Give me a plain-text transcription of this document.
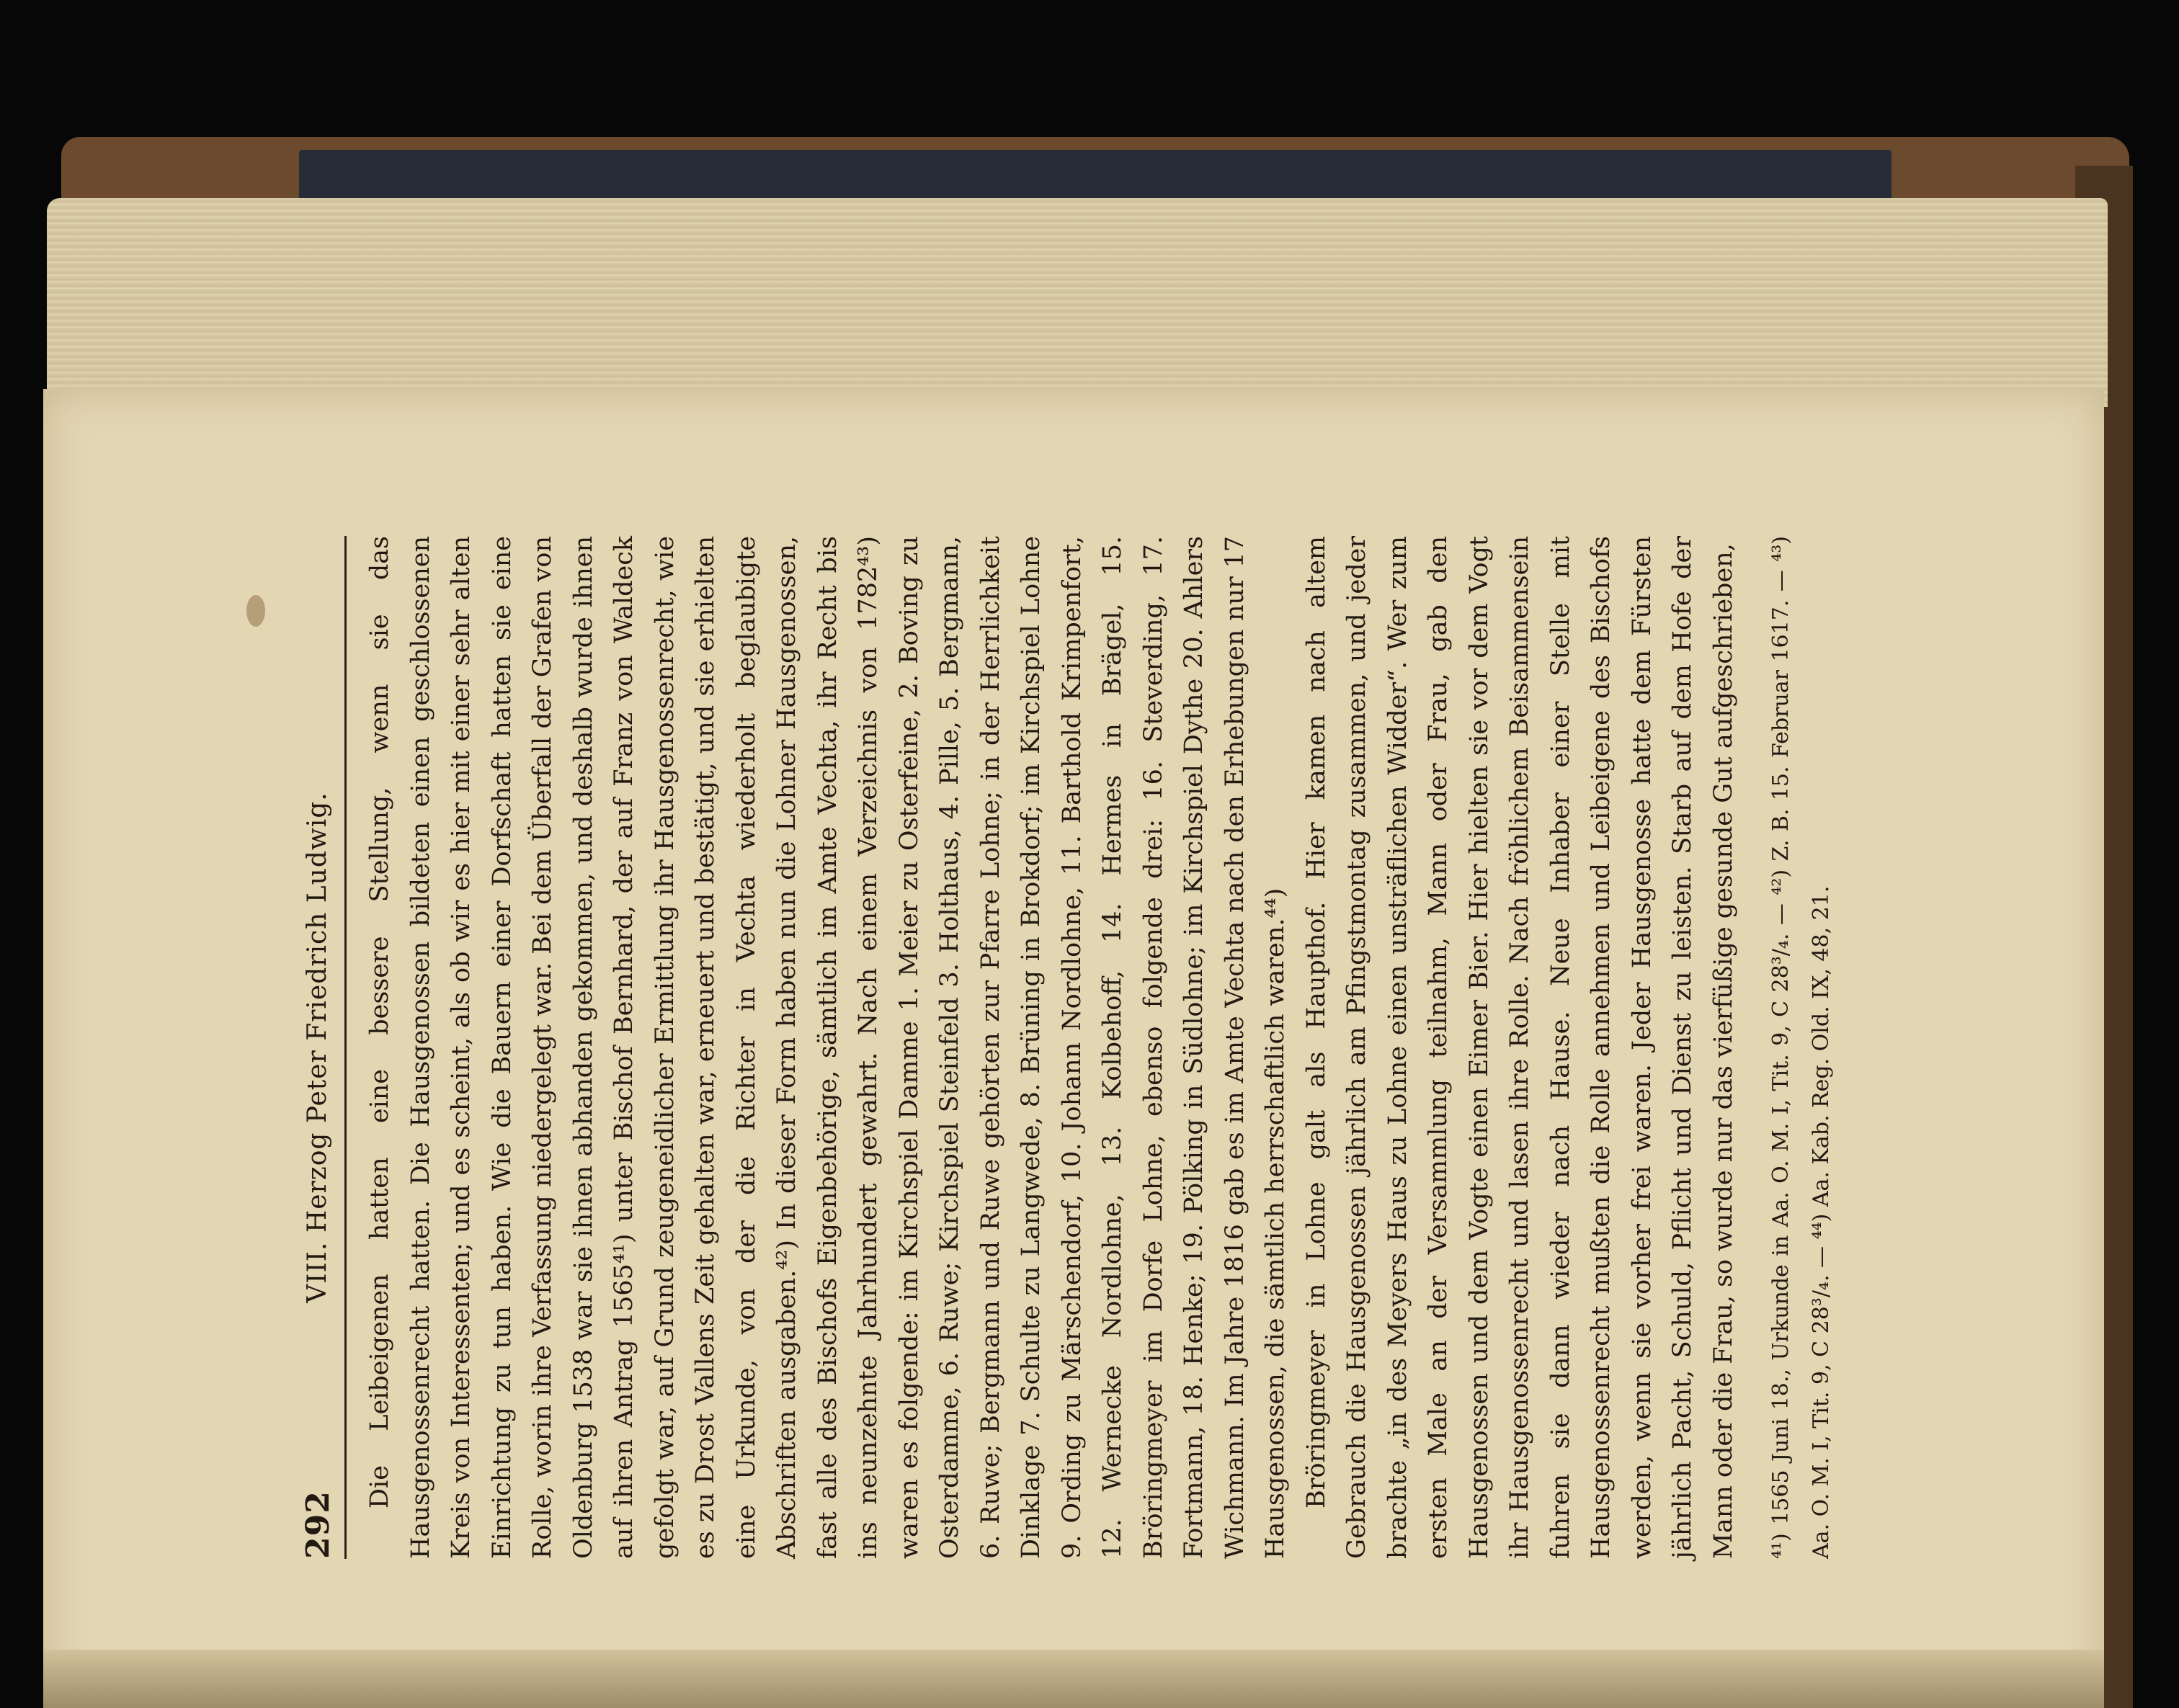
292
VIII. Herzog Peter Friedrich Ludwig. Die Leibeigenen hatten eine bessere Stellung, wenn sie das Hausgenossenrecht hatten. Die Hausgenossen bildeten einen geschlossenen Kreis von Interessenten; und es scheint, als ob wir es hier mit einer sehr alten Einrichtung zu tun haben. Wie die Bauern einer Dorfschaft hatten sie eine Rolle, worin ihre Verfassung niedergelegt war. Bei dem Überfall der Grafen von Oldenburg 1538 war sie ihnen abhanden gekommen, und deshalb wurde ihnen auf ihren Antrag 1565⁴¹) unter Bischof Bernhard, der auf Franz von Waldeck gefolgt war, auf Grund zeugeneidlicher Ermittlung ihr Hausgenossenrecht, wie es zu Drost Vallens Zeit gehalten war, erneuert und bestätigt, und sie erhielten eine Urkunde, von der die Richter in Vechta wiederholt beglaubigte Abschriften ausgaben.⁴²) In dieser Form haben nun die Lohner Hausgenossen, fast alle des Bischofs Eigenbehörige, sämtlich im Amte Vechta, ihr Recht bis ins neunzehnte Jahrhundert gewahrt. Nach einem Verzeichnis von 1782⁴³) waren es folgende: im Kirchspiel Damme 1. Meier zu Osterfeine, 2. Boving zu Osterdamme, 6. Ruwe; Kirchspiel Steinfeld 3. Holthaus, 4. Pille, 5. Bergmann, 6. Ruwe; Bergmann und Ruwe gehörten zur Pfarre Lohne; in der Herrlichkeit Dinklage 7. Schulte zu Langwede, 8. Brüning in Brokdorf; im Kirchspiel Lohne 9. Ording zu Märschendorf, 10. Johann Nordlohne, 11. Barthold Krimpenfort, 12. Wernecke Nordlohne, 13. Kolbehoff, 14. Hermes in Brägel, 15. Bröringmeyer im Dorfe Lohne, ebenso folgende drei: 16. Steverding, 17. Fortmann, 18. Henke; 19. Pölking in Südlohne; im Kirchspiel Dythe 20. Ahlers Wichmann. Im Jahre 1816 gab es im Amte Vechta nach den Erhebungen nur 17 Hausgenossen, die sämtlich herrschaftlich waren.⁴⁴) Bröringmeyer in Lohne galt als Haupthof. Hier kamen nach altem Gebrauch die Hausgenossen jährlich am Pfingstmontag zusammen, und jeder brachte „in des Meyers Haus zu Lohne einen unsträflichen Widder“. Wer zum ersten Male an der Versammlung teilnahm, Mann oder Frau, gab den Hausgenossen und dem Vogte einen Eimer Bier. Hier hielten sie vor dem Vogt ihr Hausgenossenrecht und lasen ihre Rolle. Nach fröhlichem Beisammensein fuhren sie dann wieder nach Hause. Neue Inhaber einer Stelle mit Hausgenossenrecht mußten die Rolle annehmen und Leibeigene des Bischofs werden, wenn sie vorher frei waren. Jeder Hausgenosse hatte dem Fürsten jährlich Pacht, Schuld, Pflicht und Dienst zu leisten. Starb auf dem Hofe der Mann oder die Frau, so wurde nur das vierfüßige gesunde Gut aufgeschrieben,	⁴¹) 1565 Juni 18., Urkunde in Aa. O. M. I, Tit. 9, C 28³/₄. — ⁴²) Z. B. 15. Februar 1617. — ⁴³) Aa. O. M. I, Tit. 9, C 28³/₄. — ⁴⁴) Aa. Kab. Reg. Old. IX, 48, 21.
